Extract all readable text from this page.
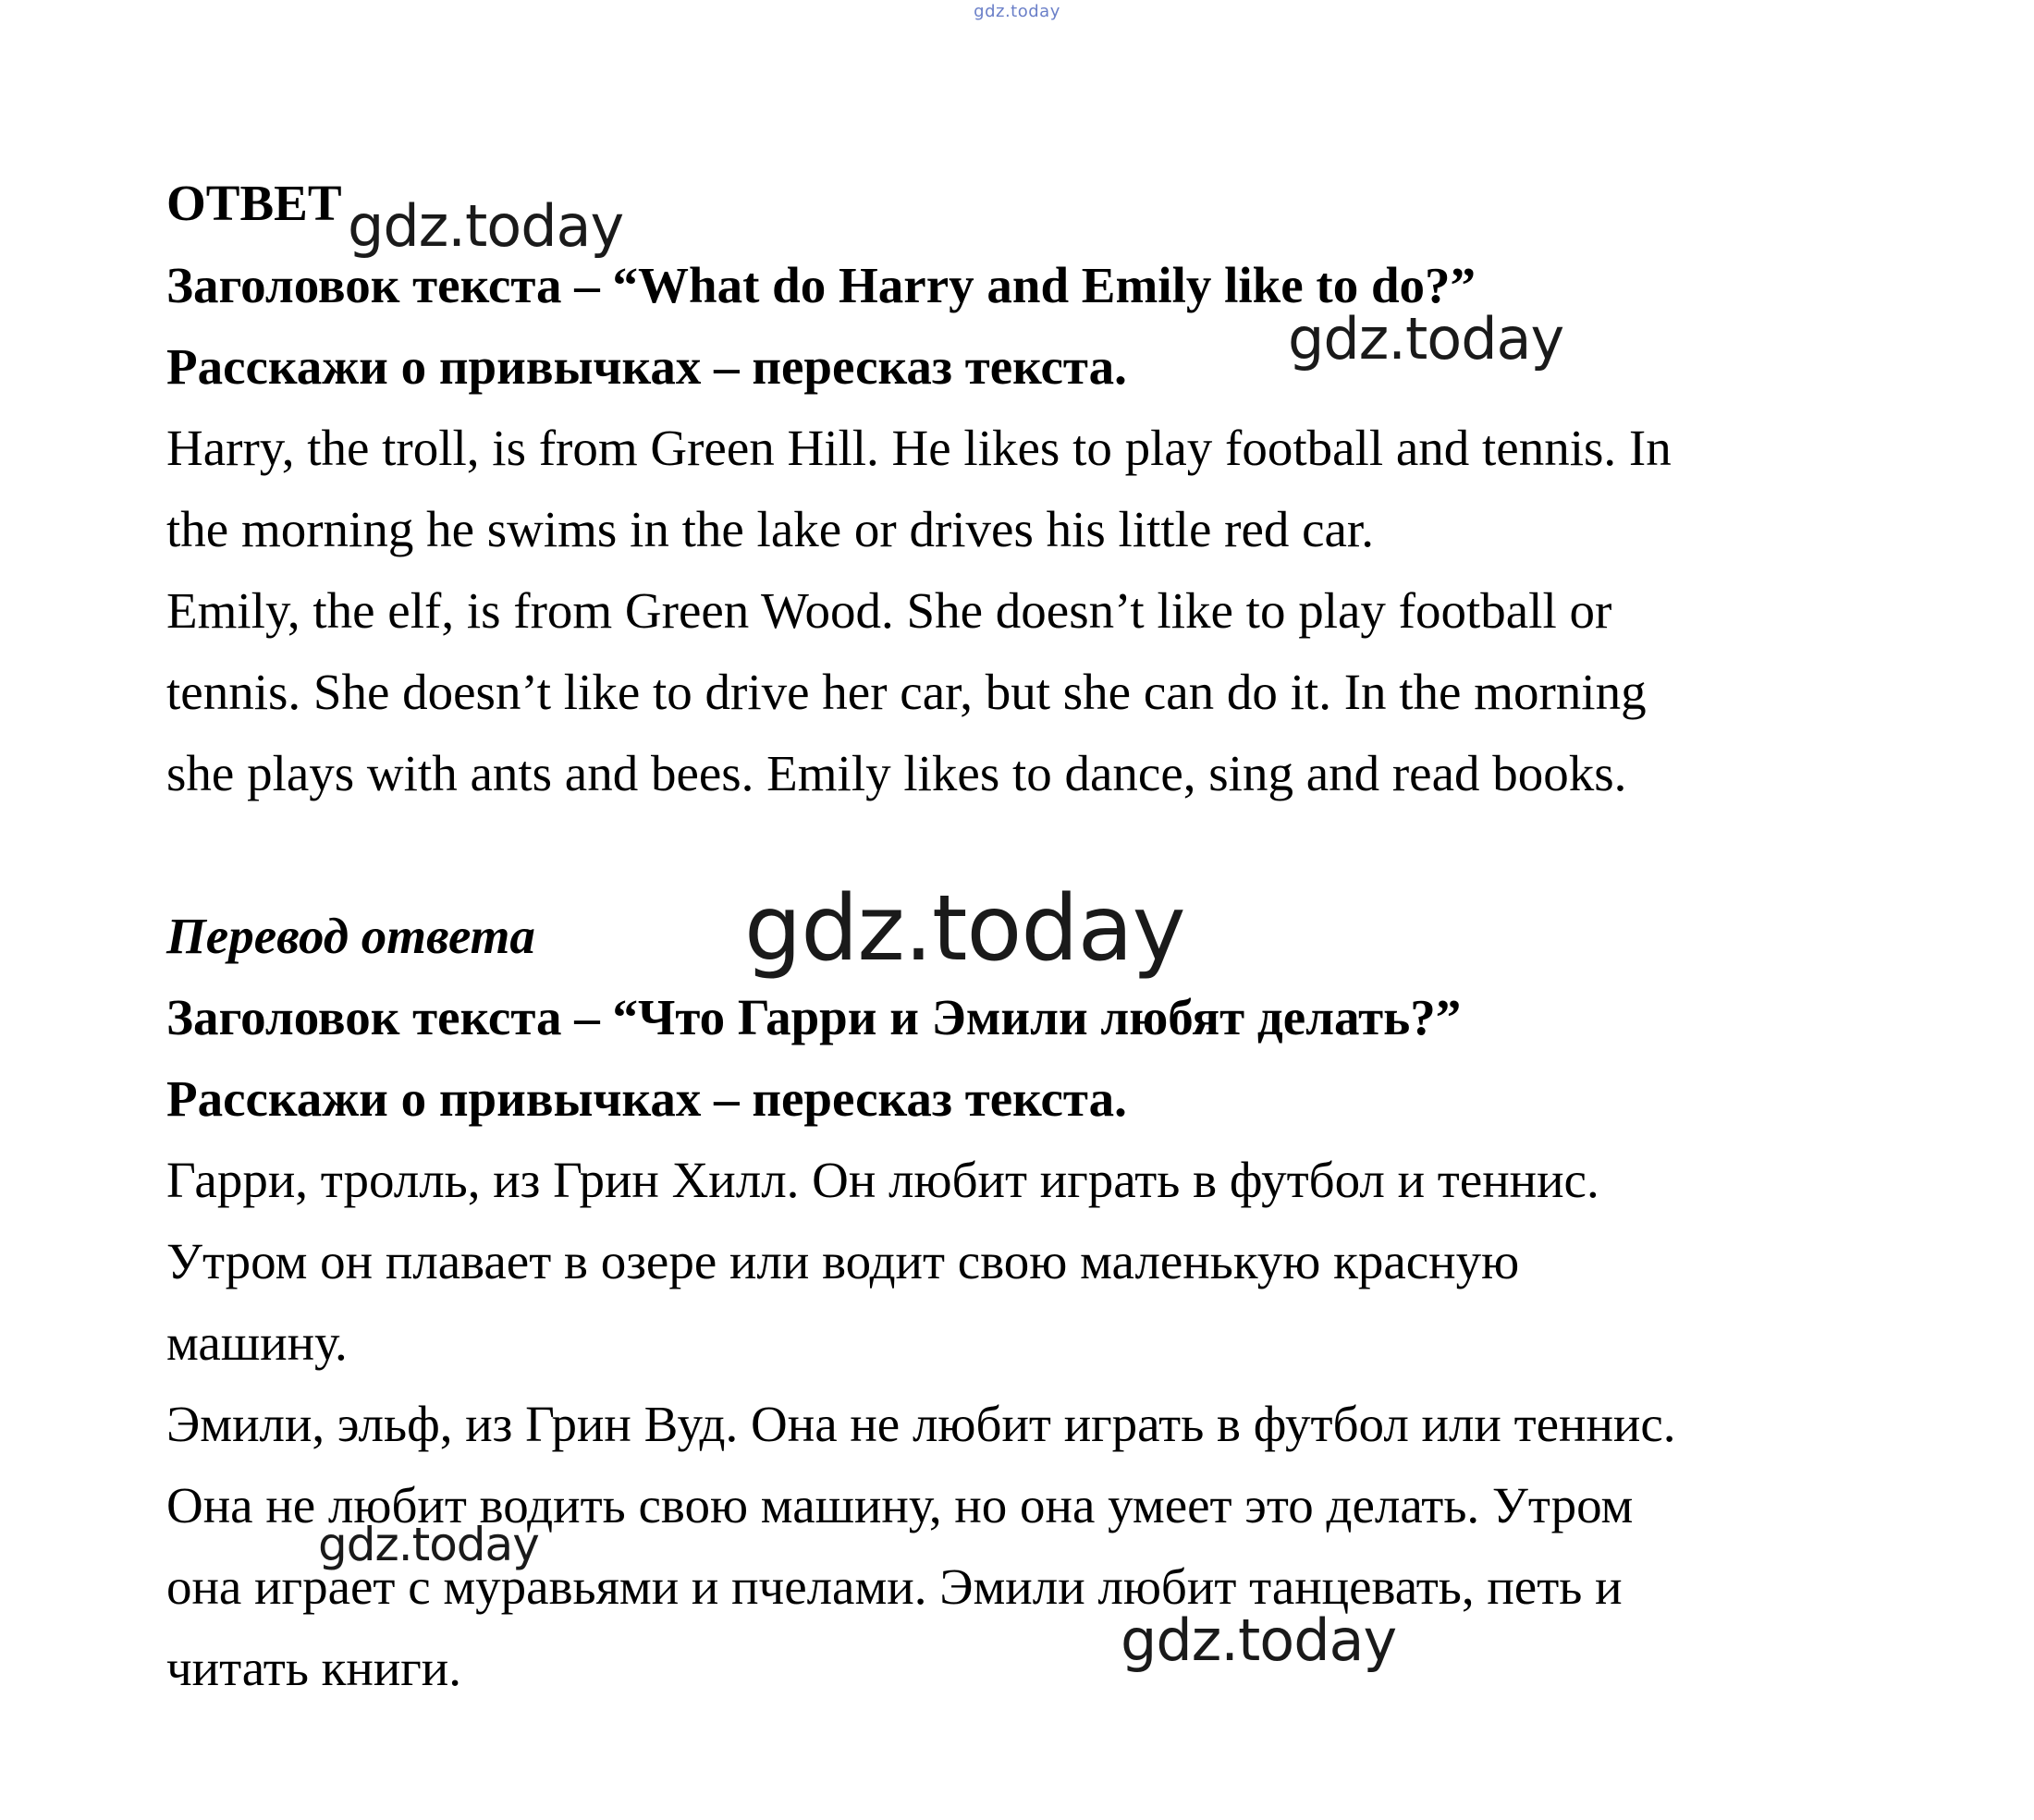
gdz.today
ОТВЕТ
Заголовок текста – “What do Harry and Emily like to do?”
Расскажи о привычках – пересказ текста.
Harry, the troll, is from Green Hill. He likes to play football and tennis. In
the morning he swims in the lake or drives his little red car.
Emily, the elf, is from Green Wood. She doesn’t like to play football or
tennis. She doesn’t like to drive her car, but she can do it. In the morning
she plays with ants and bees. Emily likes to dance, sing and read books.
Перевод ответа
Заголовок текста – “Что Гарри и Эмили любят делать?”
Расскажи о привычках – пересказ текста.
Гарри, тролль, из Грин Хилл. Он любит играть в футбол и теннис.
Утром он плавает в озере или водит свою маленькую красную
машину.
Эмили, эльф, из Грин Вуд. Она не любит играть в футбол или теннис.
Она не любит водить свою машину, но она умеет это делать. Утром
она играет с муравьями и пчелами. Эмили любит танцевать, петь и
читать книги.
gdz.today
gdz.today
gdz.today
gdz.today
gdz.today
